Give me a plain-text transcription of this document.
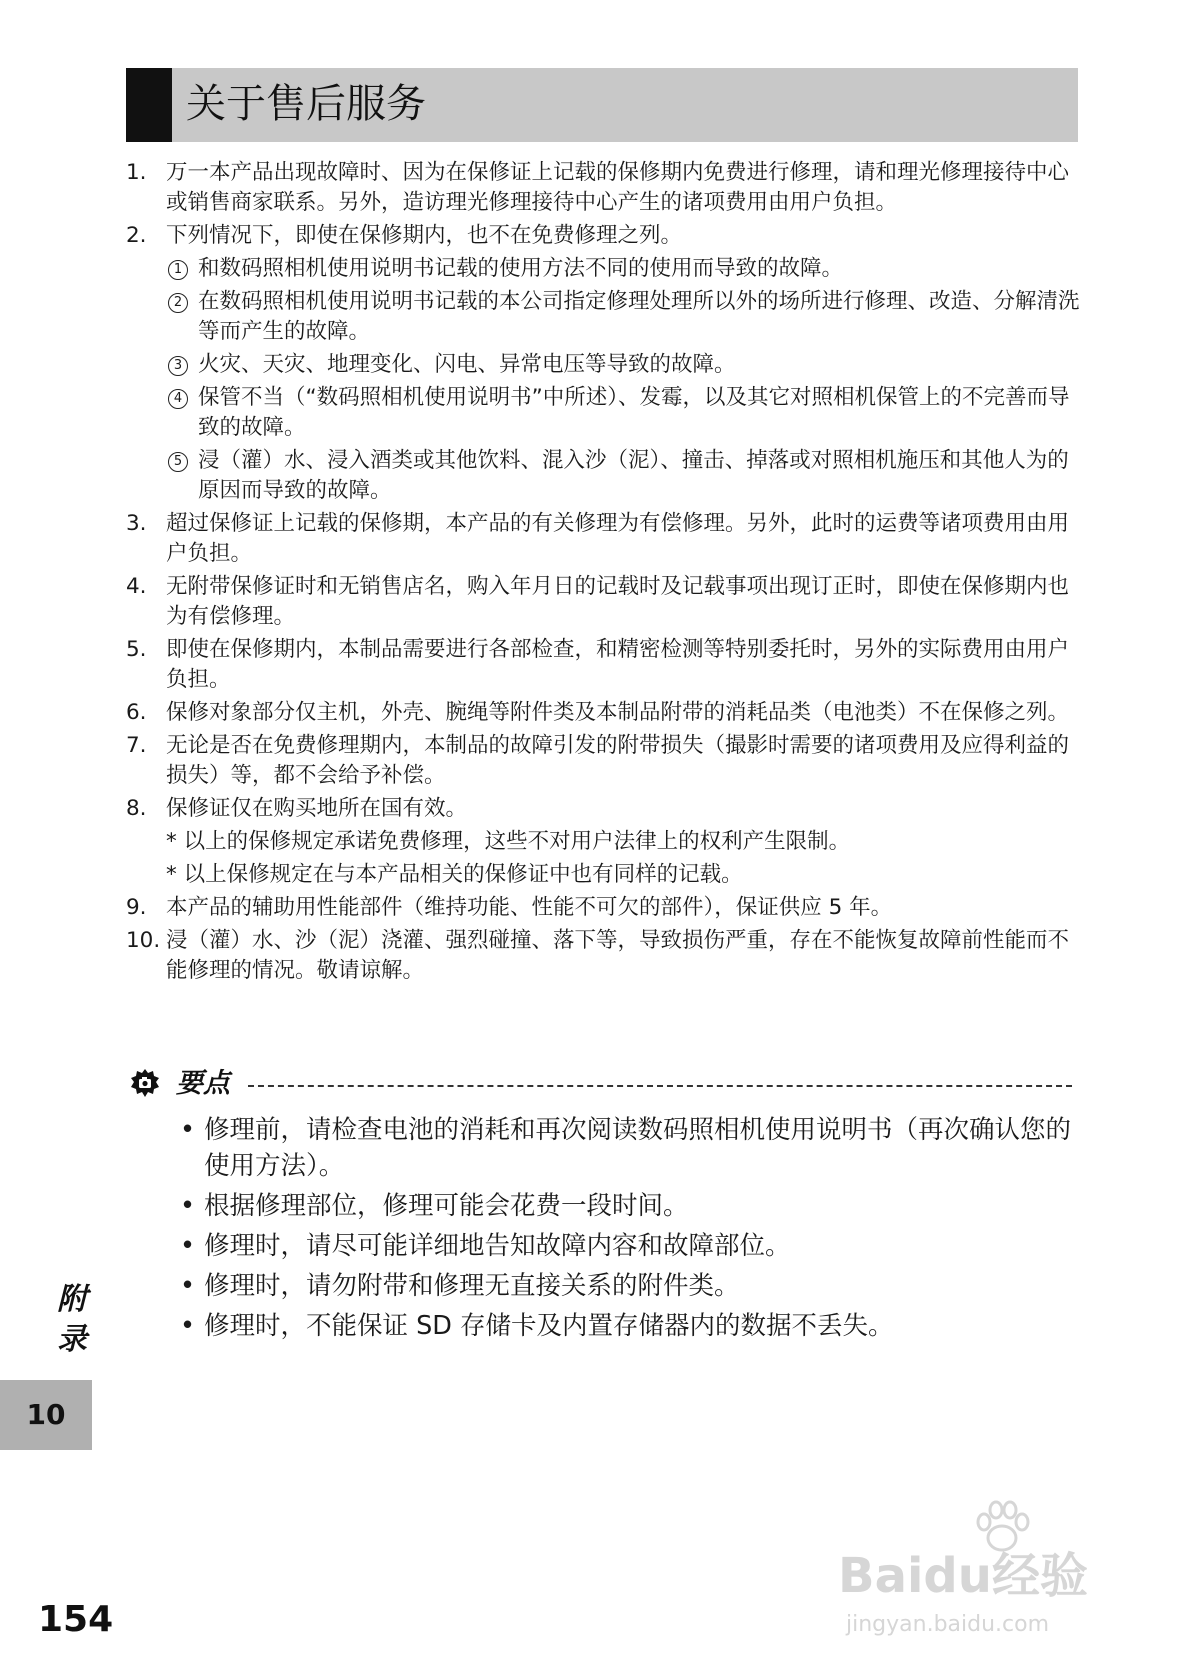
关于售后服务
1. 万一本产品出现故障时、因为在保修证上记载的保修期内免费进行修理，请和理光修理接待中心或销售商家联系。另外，造访理光修理接待中心产生的诸项费用由用户负担。
2. 下列情况下，即使在保修期内，也不在免费修理之列。
1 和数码照相机使用说明书记载的使用方法不同的使用而导致的故障。
2 在数码照相机使用说明书记载的本公司指定修理处理所以外的场所进行修理、改造、分解清洗等而产生的故障。
3 火灾、天灾、地理变化、闪电、异常电压等导致的故障。
4 保管不当（“数码照相机使用说明书”中所述）、发霉，以及其它对照相机保管上的不完善而导致的故障。
5 浸（灌）水、浸入酒类或其他饮料、混入沙（泥）、撞击、掉落或对照相机施压和其他人为的原因而导致的故障。
3. 超过保修证上记载的保修期，本产品的有关修理为有偿修理。另外，此时的运费等诸项费用由用户负担。
4. 无附带保修证时和无销售店名，购入年月日的记载时及记载事项出现订正时，即使在保修期内也为有偿修理。
5. 即使在保修期内，本制品需要进行各部检查，和精密检测等特别委托时，另外的实际费用由用户负担。
6. 保修对象部分仅主机，外壳、腕绳等附件类及本制品附带的消耗品类（电池类）不在保修之列。
7. 无论是否在免费修理期内，本制品的故障引发的附带损失（撮影时需要的诸项费用及应得利益的损失）等，都不会给予补偿。
8. 保修证仅在购买地所在国有效。
* 以上的保修规定承诺免费修理，这些不对用户法律上的权利产生限制。
* 以上保修规定在与本产品相关的保修证中也有同样的记载。
9. 本产品的辅助用性能部件（维持功能、性能不可欠的部件），保证供应 5 年。
10. 浸（灌）水、沙（泥）浇灌、强烈碰撞、落下等，导致损伤严重，存在不能恢复故障前性能而不能修理的情况。敬请谅解。
要点
• 修理前，请检查电池的消耗和再次阅读数码照相机使用说明书（再次确认您的使用方法）。
• 根据修理部位，修理可能会花费一段时间。
• 修理时，请尽可能详细地告知故障内容和故障部位。
• 修理时，请勿附带和修理无直接关系的附件类。
• 修理时，不能保证 SD 存储卡及内置存储器内的数据不丢失。
附录
10
154
Baidu经验
jingyan.baidu.com
